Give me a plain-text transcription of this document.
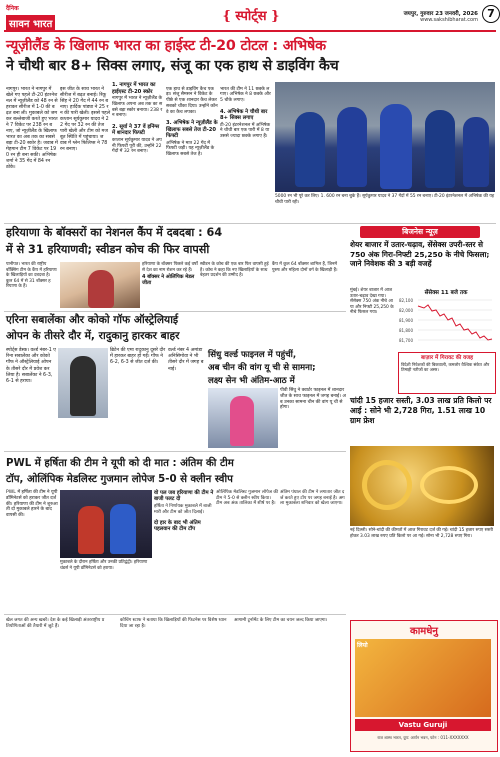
दैनिक
सावन भारत
{ स्पोर्ट्स }	जयपुर, गुरुवार 23 जनवरी, 2026
www.sakshibharat.com 7
न्यूज़ीलैंड के खिलाफ भारत का हाईस्ट टी-20 टोटल : अभिषेक
ने चौथी बार 8+ सिक्स लगाए, संजू का एक हाथ से डाइविंग कैच

नागपुर। भारत ने नागपुर में खेले गए पहले टी-20 इंटरनेशनल में न्यूज़ीलैंड को 48 रन से हराकर सीरीज में 1-0 की बढ़त बना ली। मुकाबले को जमकर बल्लेबाजी करते हुए भारत ने 7 विकेट पर 238 रन बनाए, जो न्यूज़ीलैंड के खिलाफ भारत का अब तक का सबसे बड़ा टी-20 स्कोर है। जवाब में मेहमान टीम 7 विकेट पर 190 रन ही बना सकी। अभिषेक शर्मा ने 35 गेंद में 84 रन ठोके।

इस जीत के साथ भारत ने सीरीज में बढ़त बनाई। रिंकू सिंह ने 20 गेंद में 44 रन बनाए। हार्दिक पांड्या ने 25 रन की पारी खेली। इससे पहले कप्तान सूर्यकुमार यादव ने 22 गेंद पर 32 रन की तेज पारी खेली और टीम को मजबूत स्थिति में पहुंचाया। जवाब में ग्लेन फिलिप्स ने 78 रन बनाए।

1. नागपुर में भारत का हाईएस्ट टी-20 स्कोर

नागपुर में भारत ने न्यूज़ीलैंड के खिलाफ अपना अब तक का सबसे बड़ा स्कोर बनाया। 238 रन बनाए।

2. सूर्या ने 37 वें इनिंग्स में शानदार फिफ्टी

कप्तान सूर्यकुमार यादव ने अपनी फिफ्टी पूरी की, उन्होंने 22 गेंदों में 32 रन बनाए।

एक हाथ से डाइविंग कैच पकड़ा। संजू सैमसन ने विकेट के पीछे से एक शानदार कैच लेकर सबको चौंका दिया। उन्होंने कॉनवे का कैच लपका।

3. अभिषेक ने न्यूज़ीलैंड के खिलाफ सबसे तेज टी-20 फिफ्टी

अभिषेक ने मात्र 22 गेंद में फिफ्टी जड़ी। यह न्यूज़ीलैंड के खिलाफ सबसे तेज है।

भारत की टीम ने 11 छक्के लगाए। अभिषेक ने 8 छक्के और 5 चौके लगाए।

4. अभिषेक ने चौथी बार 8+ सिक्स लगाए

टी-20 इंटरनेशनल में अभिषेक ने चौथी बार एक पारी में 8 या उससे ज्यादा छक्के लगाए हैं।

5000 रन भी पूरे कर लिए। 1. 600 रन बना चुके हैं। सूर्यकुमार यादव ने 37 गेंदों में 55 रन बनाए। टी-20 इंटरनेशनल में अभिषेक की यह चौथी पारी रही।
हरियाणा के बॉक्सरों का नेशनल कैंप में दबदबा : 64
में से 31 हरियाणवी; स्वीडन कोच की फिर वापसी
पानीपत। भारत की राष्ट्रीय बॉक्सिंग टीम के कैंप में हरियाणा के खिलाड़ियों का दबदबा है। कुल 64 में से 31 बॉक्सर हरियाणा के हैं।
हरियाणा के बॉक्सर पिछले कई वर्षों से देश का नाम रोशन कर रहे हैं।
4 बॉक्सर ने ओलिंपिक मेडल जीता
स्वीडन के कोच की एक बार फिर वापसी हुई है। कोच ने कहा कि नए खिलाड़ियों के साथ बेहतर प्रदर्शन की उम्मीद है।
कैंप में कुल 64 बॉक्सर शामिल हैं, जिनमें पुरुष और महिला दोनों वर्ग के खिलाड़ी हैं।
एरिना सबालेंका और कोको गॉफ ऑस्ट्रेलियाई
ओपन के तीसरे दौर में, रादुकानु हारकर बाहर
स्पोर्ट्स डेस्क। वर्ल्ड नंबर-1 एरिना सबालेंका और कोको गॉफ ने ऑस्ट्रेलियाई ओपन के तीसरे दौर में प्रवेश कर लिया है। सबालेंका ने 6-3, 6-1 से हराया।
ब्रिटेन की एमा रादुकानु दूसरे दौर में हारकर बाहर हो गईं। गॉफ ने 6-2, 6-3 से जीत दर्ज की।
वर्ल्ड नंबर 4 अमांडा अनिसिमोवा ने भी तीसरे दौर में जगह बनाई।
सिंधु वर्ल्ड फाइनल में पहुंचीं,
अब चीन की वांग यू ची से सामना;
लक्ष्य सेन भी अंतिम-आठ में
पीवी सिंधु ने क्वार्टर फाइनल में शानदार जीत के साथ फाइनल में जगह बनाई। अब उनका सामना चीन की वांग यू ची से होगा।
बिजनेस न्यूज़
शेयर बाजार में उतार-चढ़ाव, सेंसेक्स उपरी-स्तर से 750 अंक गिरा-निफ्टी 25,250 के नीचे फिसला; जाने निवेशक की 3 बड़ी वजहें
मुंबई। शेयर बाजार में आज उतार-चढ़ाव देखा गया। सेंसेक्स 750 अंक नीचे आया और निफ्टी 25,250 के नीचे फिसल गया।
सेंसेक्स 11 बजे तक
82,100
82,000
81,900
81,800
81,700
बाज़ार में गिरावट की वजह
विदेशी निवेशकों की बिकवाली, कमजोर वैश्विक संकेत और तिमाही नतीजों का असर।
चांदी 15 हजार सस्ती, 3.03 लाख प्रति किलो पर आई : सोने भी 2,728 गिरा, 1.51 लाख 10 ग्राम फ्रेश
नई दिल्ली। सोने-चांदी की कीमतों में आज गिरावट दर्ज की गई। चांदी 15 हजार रुपए सस्ती होकर 3.03 लाख रुपए प्रति किलो पर आ गई। सोना भी 2,728 रुपए गिरा।
कामधेनु
लियो
Vastu Guruji
राज शास्त्र भारत, ग्रुप: आर्यन भवन, फोन : 011-XXXXXXX
PWL में हर्षिता की टीम ने यूपी को दी मात : अंतिम की टीम
टॉप, ओलिंपिक मेडलिस्ट गुजमान लोपेज 5-0 से क्लीन स्वीप
PWL में हर्षिता की टीम ने यूपी डॉमिनेटर्स को हराकर जीत दर्ज की। हरियाणा की टीम ने शुरुआती दो मुकाबले हारने के बाद वापसी की।
मुकाबले के दौरान हर्षिता और उनकी प्रतिद्वंद्वी। हरियाणा थंडर्स ने यूपी डॉमिनेटर्स को हराया।
वो पल जब हरियाणा की टीम ने बाजी पलट दी

हर्षिता ने निर्णायक मुकाबले में बाजी मारी और टीम को जीत दिलाई।

दो हार के बाद भी अंतिम पहलवान की टीम टॉप
ओलिंपिक मेडलिस्ट गुजमान लोपेज की टीम ने 5-0 से क्लीन स्वीप किया। टीम अब अंक तालिका में शीर्ष पर है।
अंतिम पंघाल की टीम ने लगातार जीत दर्ज करते हुए टॉप पर जगह बनाई है। अगला मुकाबला शनिवार को खेला जाएगा।
खेल जगत की अन्य खबरें। देश के कई खिलाड़ी अंतरराष्ट्रीय प्रतियोगिताओं की तैयारी में जुटे हैं।
कोचिंग स्टाफ ने बताया कि खिलाड़ियों की फिटनेस पर विशेष ध्यान दिया जा रहा है।
आगामी टूर्नामेंट के लिए टीम का चयन जल्द किया जाएगा।
